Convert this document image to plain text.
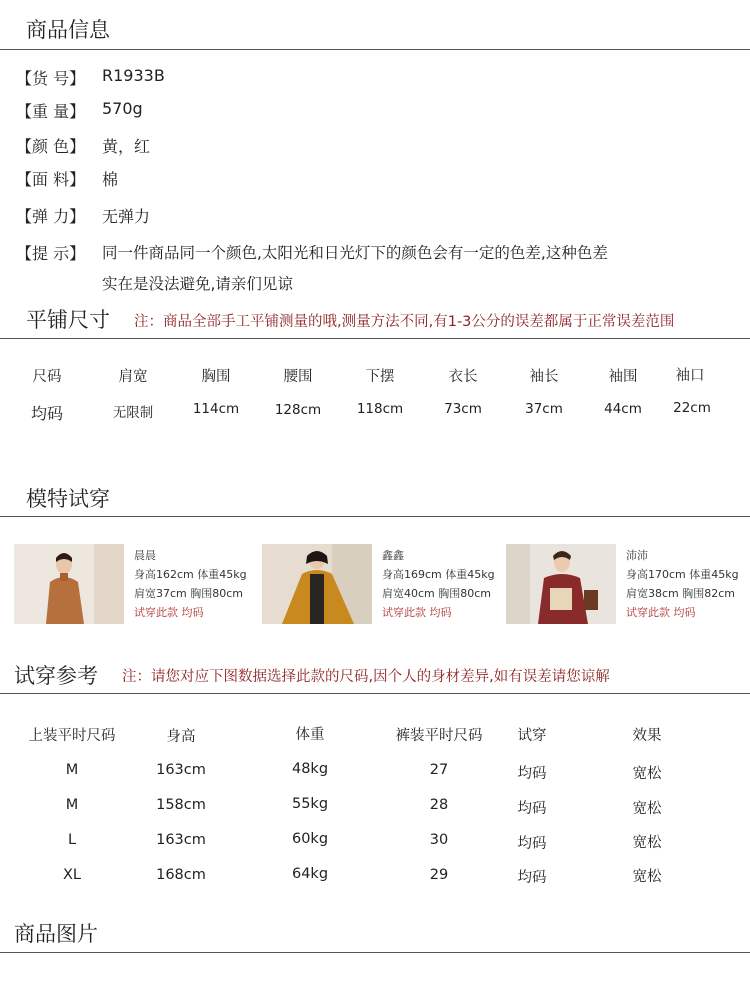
商品信息
【货 号】 R1933B
【重 量】 570g
【颜 色】 黄，红
【面 料】 棉
【弹 力】 无弹力
【提 示】 同一件商品同一个颜色,太阳光和日光灯下的颜色会有一定的色差,这种色差
实在是没法避免,请亲们见谅
平铺尺寸 注：商品全部手工平铺测量的哦,测量方法不同,有1-3公分的误差都属于正常误差范围
尺码	肩宽	胸围	腰围	下摆	衣长	袖长	袖围	袖口
均码	无限制	114cm	128cm	118cm	73cm	37cm	44cm	22cm
模特试穿
晨晨
身高162cm 体重45kg
肩宽37cm 胸围80cm
试穿此款 均码
鑫鑫
身高169cm 体重45kg
肩宽40cm 胸围80cm
试穿此款 均码
沛沛
身高170cm 体重45kg
肩宽38cm 胸围82cm
试穿此款 均码
试穿参考 注：请您对应下图数据选择此款的尺码,因个人的身材差异,如有误差请您谅解
上装平时尺码	身高	体重	裤装平时尺码	试穿	效果
M	163cm	48kg	27	均码	宽松
M	158cm	55kg	28	均码	宽松
L	163cm	60kg	30	均码	宽松
XL	168cm	64kg	29	均码	宽松
商品图片
